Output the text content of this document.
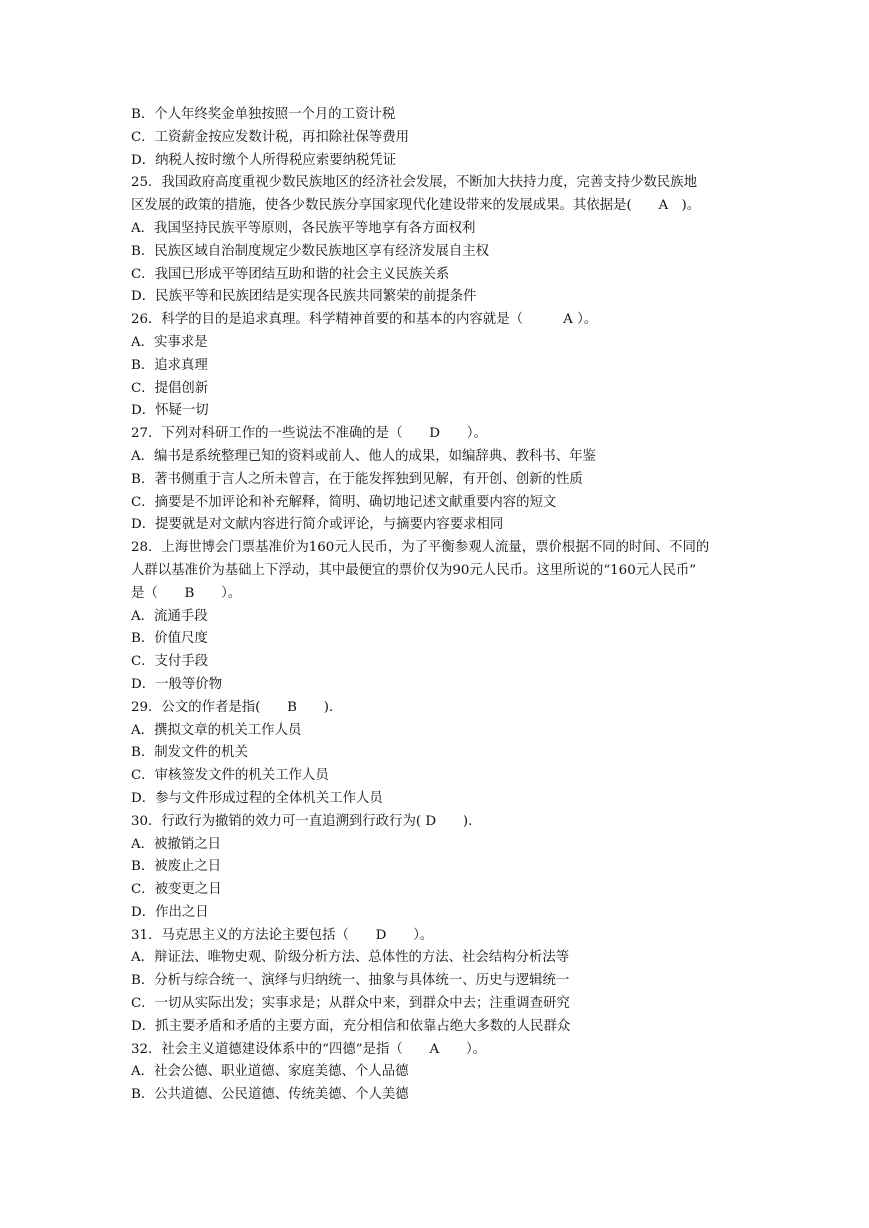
B．个人年终奖金单独按照一个月的工资计税
C．工资薪金按应发数计税，再扣除社保等费用
D．纳税人按时缴个人所得税应索要纳税凭证
25．我国政府高度重视少数民族地区的经济社会发展，不断加大扶持力度，完善支持少数民族地
区发展的政策的措施，使各少数民族分享国家现代化建设带来的发展成果。其依据是(　　A　)。
A．我国坚持民族平等原则，各民族平等地享有各方面权利
B．民族区域自治制度规定少数民族地区享有经济发展自主权
C．我国已形成平等团结互助和谐的社会主义民族关系
D．民族平等和民族团结是实现各民族共同繁荣的前提条件
26．科学的目的是追求真理。科学精神首要的和基本的内容就是（　　　A ）。
A．实事求是
B．追求真理
C．提倡创新
D．怀疑一切
27．下列对科研工作的一些说法不准确的是（　　D　　）。
A．编书是系统整理已知的资料或前人、他人的成果，如编辞典、教科书、年鉴
B．著书侧重于言人之所未曾言，在于能发挥独到见解，有开创、创新的性质
C．摘要是不加评论和补充解释，简明、确切地记述文献重要内容的短文
D．提要就是对文献内容进行简介或评论，与摘要内容要求相同
28．上海世博会门票基准价为160元人民币，为了平衡参观人流量，票价根据不同的时间、不同的
人群以基准价为基础上下浮动，其中最便宜的票价仅为90元人民币。这里所说的“160元人民币”
是（　　B　　）。
A．流通手段
B．价值尺度
C．支付手段
D．一般等价物
29．公文的作者是指(　　B　　).
A．撰拟文章的机关工作人员
B．制发文件的机关
C．审核签发文件的机关工作人员
D．参与文件形成过程的全体机关工作人员
30．行政行为撤销的效力可一直追溯到行政行为( D　　).
A．被撤销之日
B．被废止之日
C．被变更之日
D．作出之日
31．马克思主义的方法论主要包括（　　D　　）。
A．辩证法、唯物史观、阶级分析方法、总体性的方法、社会结构分析法等
B．分析与综合统一、演绎与归纳统一、抽象与具体统一、历史与逻辑统一
C．一切从实际出发；实事求是；从群众中来，到群众中去；注重调查研究
D．抓主要矛盾和矛盾的主要方面，充分相信和依靠占绝大多数的人民群众
32．社会主义道德建设体系中的“四德”是指（　　A　　）。
A．社会公德、职业道德、家庭美德、个人品德
B．公共道德、公民道德、传统美德、个人美德
